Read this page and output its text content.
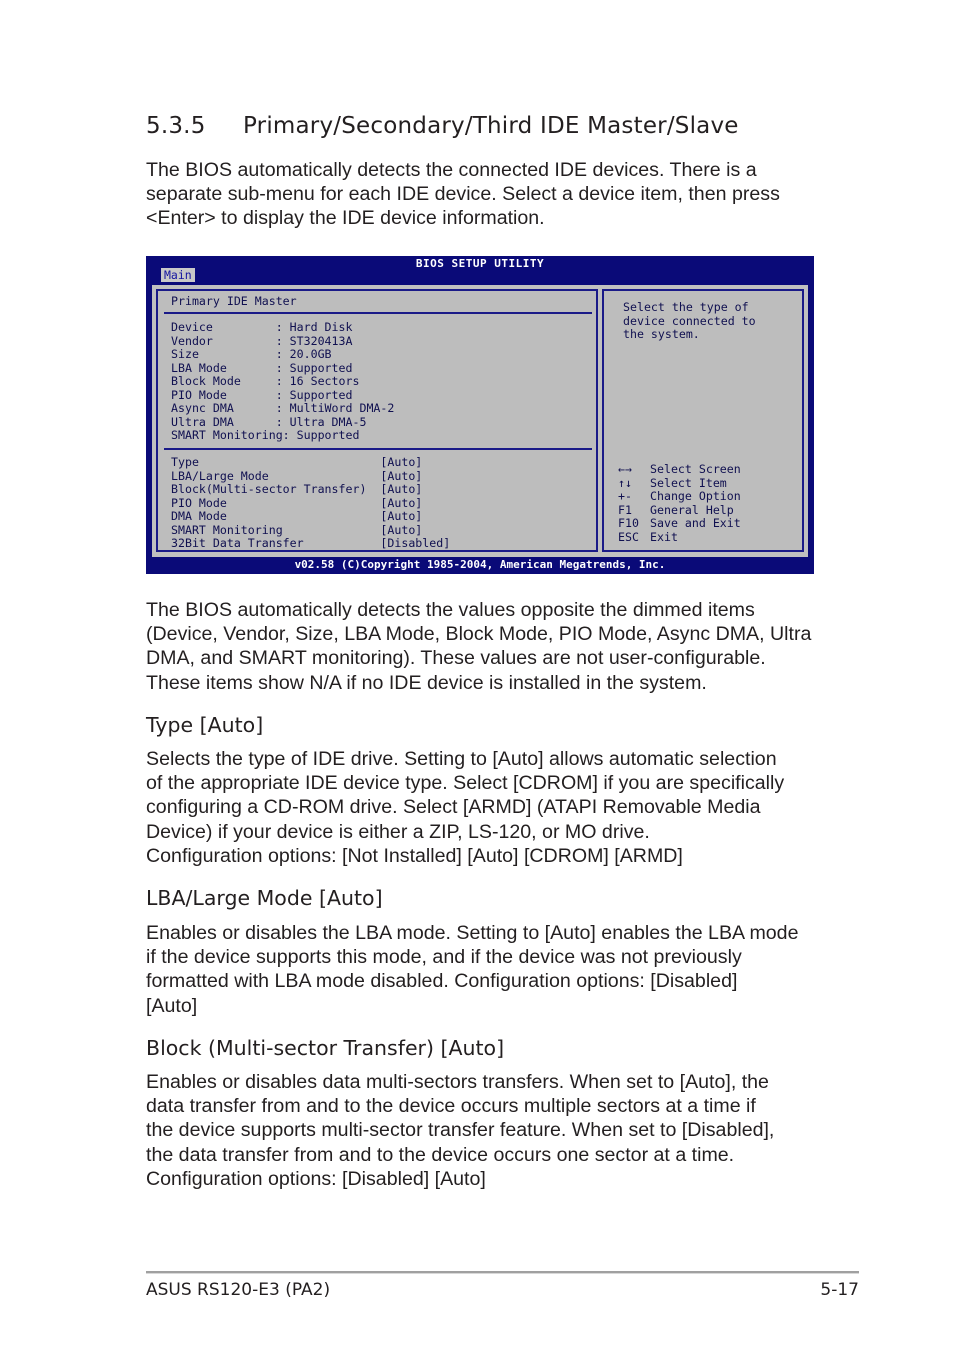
5.3.5 Primary/Secondary/Third IDE Master/Slave

The BIOS automatically detects the connected IDE devices. There is a
separate sub-menu for each IDE device. Select a device item, then press
<Enter> to display the IDE device information.

BIOS SETUP UTILITY
Main
Primary IDE Master
Device         : Hard Disk
Vendor         : ST320413A
Size           : 20.0GB
LBA Mode       : Supported
Block Mode     : 16 Sectors
PIO Mode       : Supported
Async DMA      : MultiWord DMA-2
Ultra DMA      : Ultra DMA-5
SMART Monitoring: Supported
Type                          [Auto]
LBA/Large Mode                [Auto]
Block(Multi-sector Transfer)  [Auto]
PIO Mode                      [Auto]
DMA Mode                      [Auto]
SMART Monitoring              [Auto]
32Bit Data Transfer           [Disabled]
Select the type of
device connected to
the system.
←→ Select Screen
↑↓ Select Item
+- Change Option
F1 General Help
F10 Save and Exit
ESC Exit
v02.58 (C)Copyright 1985-2004, American Megatrends, Inc.

The BIOS automatically detects the values opposite the dimmed items
(Device, Vendor, Size, LBA Mode, Block Mode, PIO Mode, Async DMA, Ultra
DMA, and SMART monitoring). These values are not user-configurable.
These items show N/A if no IDE device is installed in the system.

Type [Auto]

Selects the type of IDE drive. Setting to [Auto] allows automatic selection
of the appropriate IDE device type. Select [CDROM] if you are specifically
configuring a CD-ROM drive. Select [ARMD] (ATAPI Removable Media
Device) if your device is either a ZIP, LS-120, or MO drive.
Configuration options: [Not Installed] [Auto] [CDROM] [ARMD]

LBA/Large Mode [Auto]

Enables or disables the LBA mode. Setting to [Auto] enables the LBA mode
if the device supports this mode, and if the device was not previously
formatted with LBA mode disabled. Configuration options: [Disabled]
[Auto]

Block (Multi-sector Transfer) [Auto]

Enables or disables data multi-sectors transfers. When set to [Auto], the
data transfer from and to the device occurs multiple sectors at a time if
the device supports multi-sector transfer feature. When set to [Disabled],
the data transfer from and to the device occurs one sector at a time.
Configuration options: [Disabled] [Auto]

ASUS RS120-E3 (PA2)	5-17
